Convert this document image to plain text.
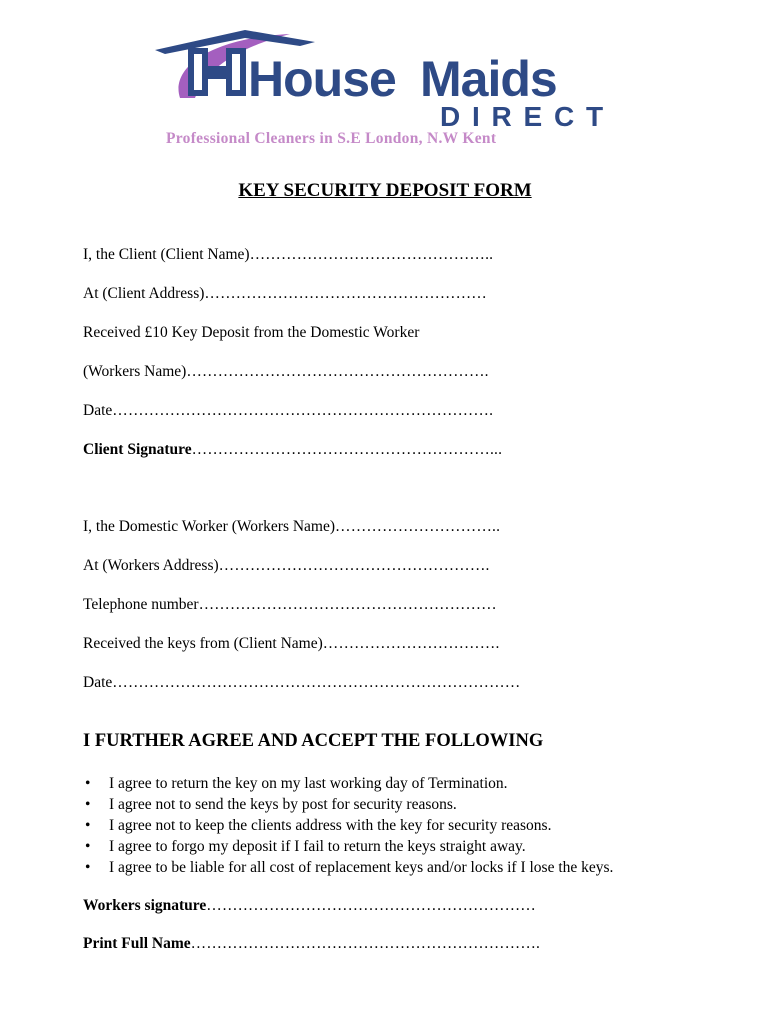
House Maids
D I R E C T
Professional Cleaners in S.E London, N.W Kent
KEY SECURITY DEPOSIT FORM
I, the Client (Client Name)………………………………………..
At (Client Address)………………………………………………
Received £10 Key Deposit from the Domestic Worker
(Workers Name)………………………………………………….
Date……………………………………………………………….
Client Signature…………………………………………………...
I, the Domestic Worker (Workers Name)…………………………..
At (Workers Address)…………………………………………….
Telephone number…………………………………………………
Received the keys from (Client Name)…………………………….
Date……………………………………………………………………
I FURTHER AGREE AND ACCEPT THE FOLLOWING
• I agree to return the key on my last working day of Termination.
• I agree not to send the keys by post for security reasons.
• I agree not to keep the clients address with the key for security reasons.
• I agree to forgo my deposit if I fail to return the keys straight away.
• I agree to be liable for all cost of replacement keys and/or locks if I lose the keys.
Workers signature………………………………………………………
Print Full Name………………………………………………………….
